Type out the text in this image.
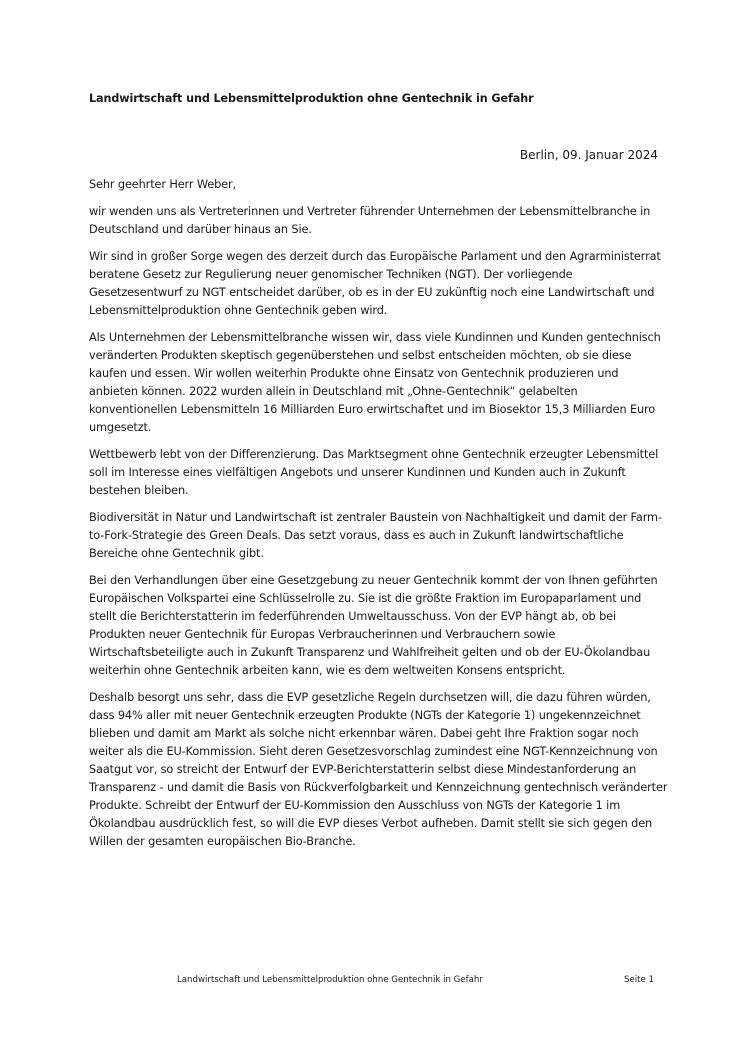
Landwirtschaft und Lebensmittelproduktion ohne Gentechnik in Gefahr
Berlin, 09. Januar 2024

Sehr geehrter Herr Weber,

wir wenden uns als Vertreterinnen und Vertreter führender Unternehmen der Lebensmittelbranche in Deutschland und darüber hinaus an Sie.

Wir sind in großer Sorge wegen des derzeit durch das Europäische Parlament und den Agrarministerrat beratene Gesetz zur Regulierung neuer genomischer Techniken (NGT). Der vorliegende Gesetzesentwurf zu NGT entscheidet darüber, ob es in der EU zukünftig noch eine Landwirtschaft und Lebensmittelproduktion ohne Gentechnik geben wird.

Als Unternehmen der Lebensmittelbranche wissen wir, dass viele Kundinnen und Kunden gentechnisch veränderten Produkten skeptisch gegenüberstehen und selbst entscheiden möchten, ob sie diese kaufen und essen. Wir wollen weiterhin Produkte ohne Einsatz von Gentechnik produzieren und anbieten können. 2022 wurden allein in Deutschland mit „Ohne-Gentechnik“ gelabelten konventionellen Lebensmitteln 16 Milliarden Euro erwirtschaftet und im Biosektor 15,3 Milliarden Euro umgesetzt.

Wettbewerb lebt von der Differenzierung. Das Marktsegment ohne Gentechnik erzeugter Lebensmittel soll im Interesse eines vielfältigen Angebots und unserer Kundinnen und Kunden auch in Zukunft bestehen bleiben.

Biodiversität in Natur und Landwirtschaft ist zentraler Baustein von Nachhaltigkeit und damit der Farm-to-Fork-Strategie des Green Deals. Das setzt voraus, dass es auch in Zukunft landwirtschaftliche Bereiche ohne Gentechnik gibt.

Bei den Verhandlungen über eine Gesetzgebung zu neuer Gentechnik kommt der von Ihnen geführten Europäischen Volkspartei eine Schlüsselrolle zu. Sie ist die größte Fraktion im Europaparlament und stellt die Berichterstatterin im federführenden Umweltausschuss. Von der EVP hängt ab, ob bei Produkten neuer Gentechnik für Europas Verbraucherinnen und Verbrauchern sowie Wirtschaftsbeteiligte auch in Zukunft Transparenz und Wahlfreiheit gelten und ob der EU-Ökolandbau weiterhin ohne Gentechnik arbeiten kann, wie es dem weltweiten Konsens entspricht.

Deshalb besorgt uns sehr, dass die EVP gesetzliche Regeln durchsetzen will, die dazu führen würden, dass 94% aller mit neuer Gentechnik erzeugten Produkte (NGTs der Kategorie 1) ungekennzeichnet blieben und damit am Markt als solche nicht erkennbar wären. Dabei geht Ihre Fraktion sogar noch weiter als die EU-Kommission. Sieht deren Gesetzesvorschlag zumindest eine NGT-Kennzeichnung von Saatgut vor, so streicht der Entwurf der EVP-Berichterstatterin selbst diese Mindestanforderung an Transparenz - und damit die Basis von Rückverfolgbarkeit und Kennzeichnung gentechnisch veränderter Produkte. Schreibt der Entwurf der EU-Kommission den Ausschluss von NGTs der Kategorie 1 im Ökolandbau ausdrücklich fest, so will die EVP dieses Verbot aufheben. Damit stellt sie sich gegen den Willen der gesamten europäischen Bio-Branche.

Landwirtschaft und Lebensmittelproduktion ohne Gentechnik in Gefahr	Seite 1
